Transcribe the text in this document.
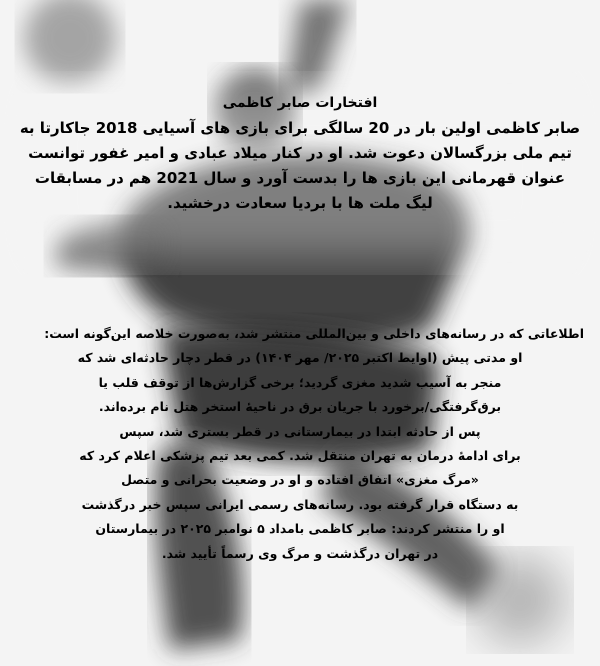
افتخارات صابر کاظمی

صابر کاظمی اولین بار در 20 سالگی برای بازی های آسیایی 2018 جاکارتا به

تیم ملی بزرگسالان دعوت شد. او در کنار میلاد عبادی و امیر غفور توانست

عنوان قهرمانی این بازی ها را بدست آورد و سال 2021 هم در مسابقات

لیگ ملت ها با بردیا سعادت درخشید.

اطلاعاتی که در رسانه‌های داخلی و بین‌المللی منتشر شد، به‌صورت خلاصه این‌گونه است:

او مدتی پیش (اوایط اکتبر ۲۰۲۵/ مهر ۱۴۰۴) در قطر دچار حادثه‌ای شد که

منجر به آسیب شدید مغزی گردید؛ برخی گزارش‌ها از توقف قلب یا

برق‌گرفتگی/برخورد با جریان برق در ناحیهٔ استخر هتل نام برده‌اند.

پس از حادثه ابتدا در بیمارستانی در قطر بستری شد، سپس

برای ادامهٔ درمان به تهران منتقل شد. کمی بعد تیم پزشکی اعلام کرد که

«مرگ مغزی» اتفاق افتاده و او در وضعیت بحرانی و متصل

به دستگاه قرار گرفته بود. رسانه‌های رسمی ایرانی سپس خبر درگذشت

او را منتشر کردند: صابر کاظمی بامداد ۵ نوامبر ۲۰۲۵ در بیمارستان

در تهران درگذشت و مرگ وی رسماً تأیید شد.
